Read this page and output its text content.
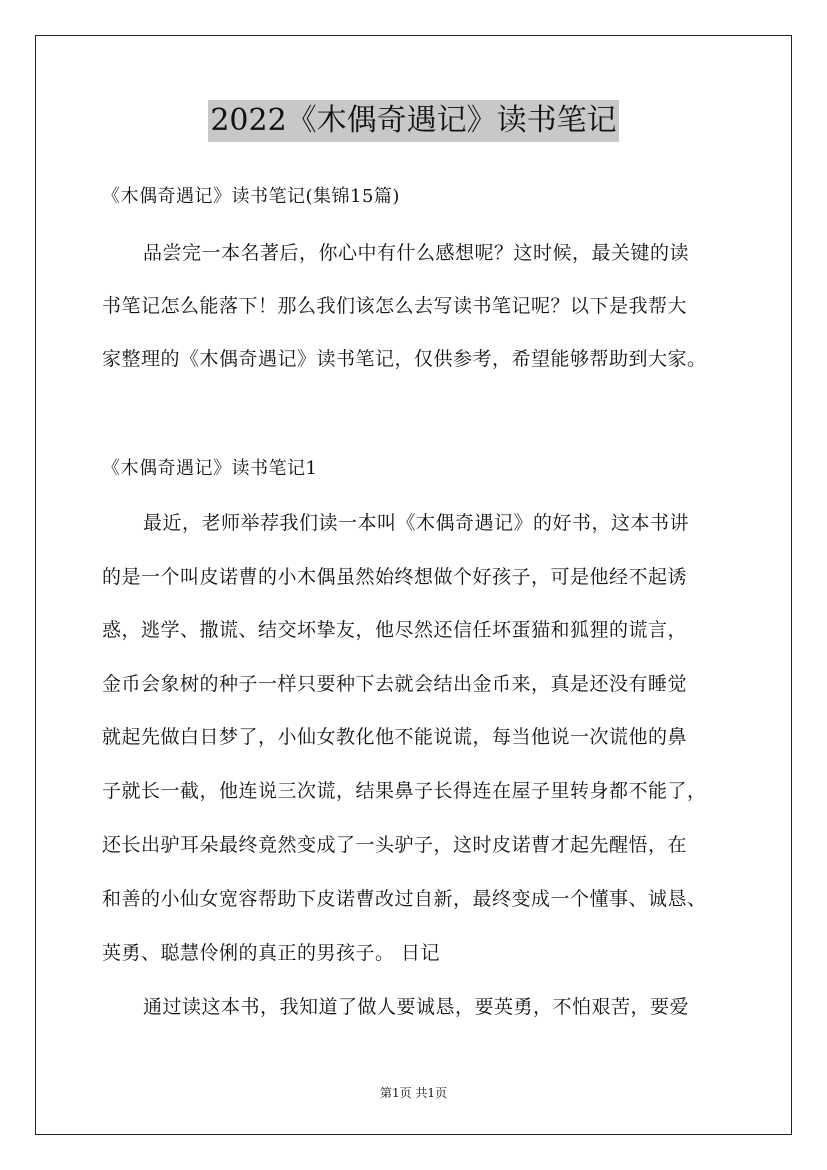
2022《木偶奇遇记》读书笔记
《木偶奇遇记》读书笔记(集锦15篇)
品尝完一本名著后，你心中有什么感想呢？这时候，最关键的读
书笔记怎么能落下！那么我们该怎么去写读书笔记呢？以下是我帮大
家整理的《木偶奇遇记》读书笔记，仅供参考，希望能够帮助到大家。
《木偶奇遇记》读书笔记1
最近，老师举荐我们读一本叫《木偶奇遇记》的好书，这本书讲
的是一个叫皮诺曹的小木偶虽然始终想做个好孩子，可是他经不起诱
惑，逃学、撒谎、结交坏挚友，他尽然还信任坏蛋猫和狐狸的谎言，
金币会象树的种子一样只要种下去就会结出金币来，真是还没有睡觉
就起先做白日梦了，小仙女教化他不能说谎，每当他说一次谎他的鼻
子就长一截，他连说三次谎，结果鼻子长得连在屋子里转身都不能了，
还长出驴耳朵最终竟然变成了一头驴子，这时皮诺曹才起先醒悟，在
和善的小仙女宽容帮助下皮诺曹改过自新，最终变成一个懂事、诚恳、
英勇、聪慧伶俐的真正的男孩子。 日记
通过读这本书，我知道了做人要诚恳，要英勇，不怕艰苦，要爱
第1页 共1页
